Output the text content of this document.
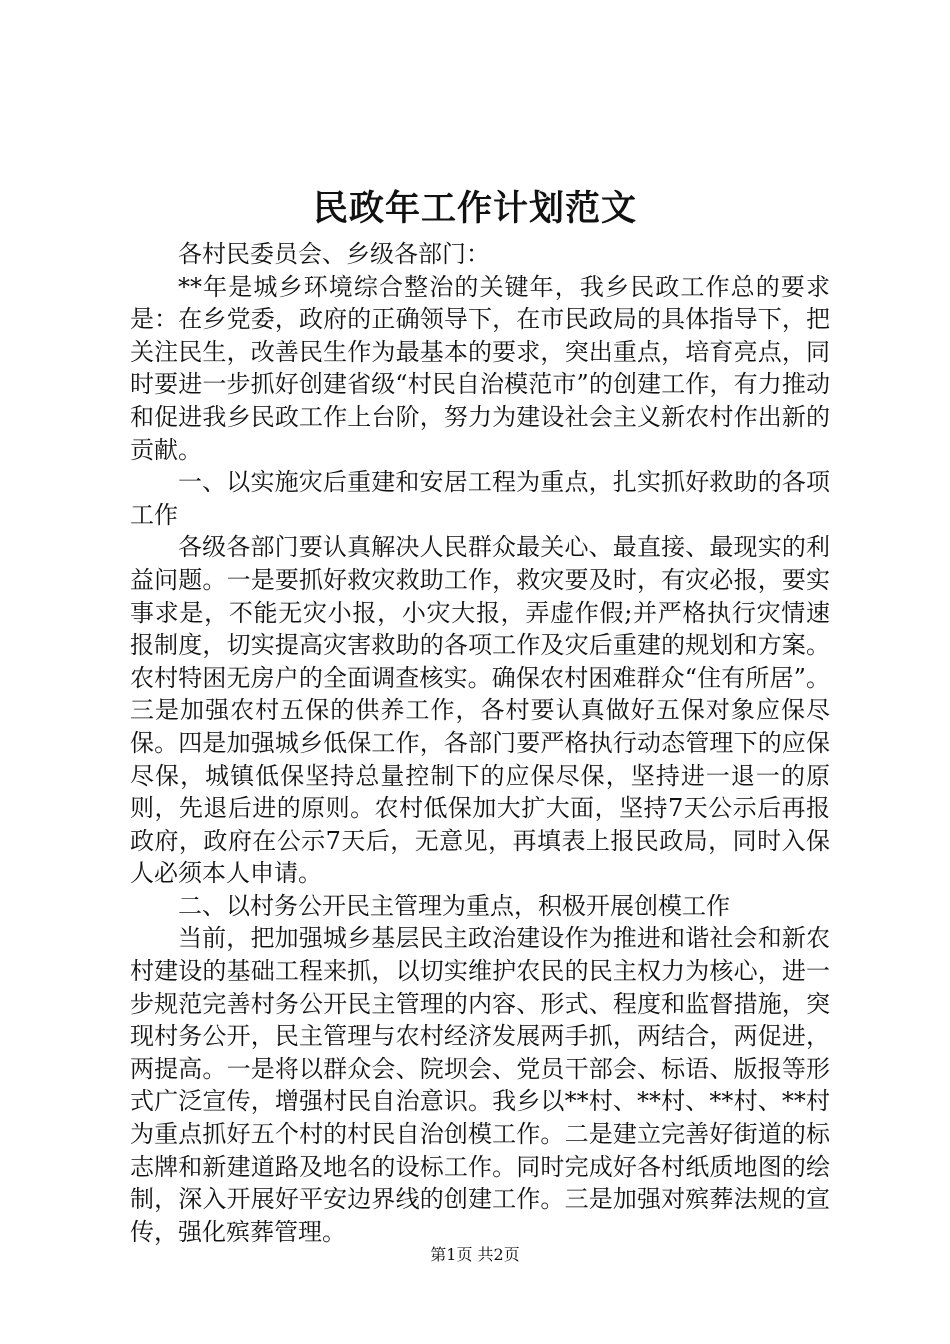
民政年工作计划范文

各村民委员会、乡级各部门：

**年是城乡环境综合整治的关键年，我乡民政工作总的要求是：在乡党委，政府的正确领导下，在市民政局的具体指导下，把关注民生，改善民生作为最基本的要求，突出重点，培育亮点，同时要进一步抓好创建省级“村民自治模范市”的创建工作，有力推动和促进我乡民政工作上台阶，努力为建设社会主义新农村作出新的贡献。

一、以实施灾后重建和安居工程为重点，扎实抓好救助的各项工作

各级各部门要认真解决人民群众最关心、最直接、最现实的利益问题。一是要抓好救灾救助工作，救灾要及时，有灾必报，要实事求是，不能无灾小报，小灾大报，弄虚作假;并严格执行灾情速报制度，切实提高灾害救助的各项工作及灾后重建的规划和方案。农村特困无房户的全面调查核实。确保农村困难群众“住有所居”。三是加强农村五保的供养工作，各村要认真做好五保对象应保尽保。四是加强城乡低保工作，各部门要严格执行动态管理下的应保尽保，城镇低保坚持总量控制下的应保尽保，坚持进一退一的原则，先退后进的原则。农村低保加大扩大面，坚持7天公示后再报政府，政府在公示7天后，无意见，再填表上报民政局，同时入保人必须本人申请。

二、以村务公开民主管理为重点，积极开展创模工作

当前，把加强城乡基层民主政治建设作为推进和谐社会和新农村建设的基础工程来抓，以切实维护农民的民主权力为核心，进一步规范完善村务公开民主管理的内容、形式、程度和监督措施，突现村务公开，民主管理与农村经济发展两手抓，两结合，两促进，两提高。一是将以群众会、院坝会、党员干部会、标语、版报等形式广泛宣传，增强村民自治意识。我乡以**村、**村、**村、**村为重点抓好五个村的村民自治创模工作。二是建立完善好街道的标志牌和新建道路及地名的设标工作。同时完成好各村纸质地图的绘制，深入开展好平安边界线的创建工作。三是加强对殡葬法规的宣传，强化殡葬管理。

第1页 共2页
